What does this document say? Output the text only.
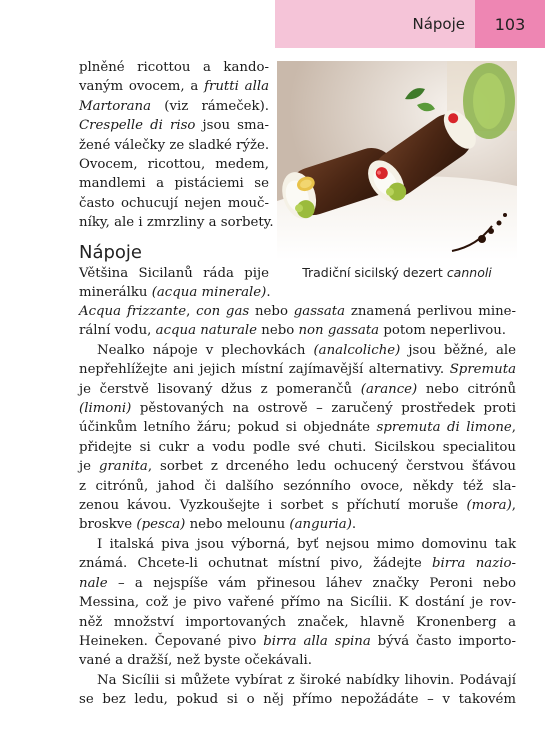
Nápoje	103
plněné ricottou a kando-
vaným ovocem, a frutti alla
Martorana (viz rámeček).
Crespelle di riso jsou sma-
žené válečky ze sladké rýže.
Ovocem, ricottou, medem,
mandlemi a pistáciemi se
často ochucují nejen mouč-
níky, ale i zmrzliny a sorbety.
Nápoje
Většina Sicilanů ráda pije
minerálku (acqua minerale).
Tradiční sicilský dezert cannoli

Acqua frizzante, con gas nebo gassata znamená perlivou mine-
rální vodu, acqua naturale nebo non gassata potom neperlivou.

Nealko nápoje v plechovkách (analcoliche) jsou běžné, ale
nepřehlížejte ani jejich místní zajímavější alternativy. Spremuta
je čerstvě lisovaný džus z pomerančů (arance) nebo citrónů
(limoni) pěstovaných na ostrově – zaručený prostředek proti
účinkům letního žáru; pokud si objednáte spremuta di limone,
přidejte si cukr a vodu podle své chuti. Sicilskou specialitou
je granita, sorbet z drceného ledu ochucený čerstvou šťávou
z citrónů, jahod či dalšího sezónního ovoce, někdy též sla-
zenou kávou. Vyzkoušejte i sorbet s příchutí moruše (mora),
broskve (pesca) nebo melounu (anguria).

I italská piva jsou výborná, byť nejsou mimo domovinu tak
známá. Chcete-li ochutnat místní pivo, žádejte birra nazio-
nale – a nejspíše vám přinesou láhev značky Peroni nebo
Messina, což je pivo vařené přímo na Sicílii. K dostání je rov-
něž množství importovaných značek, hlavně Kronenberg a
Heineken. Čepované pivo birra alla spina bývá často importo-
vané a dražší, než byste očekávali.

Na Sicílii si můžete vybírat z široké nabídky lihovin. Podávají
se bez ledu, pokud si o něj přímo nepožádáte – v takovém
